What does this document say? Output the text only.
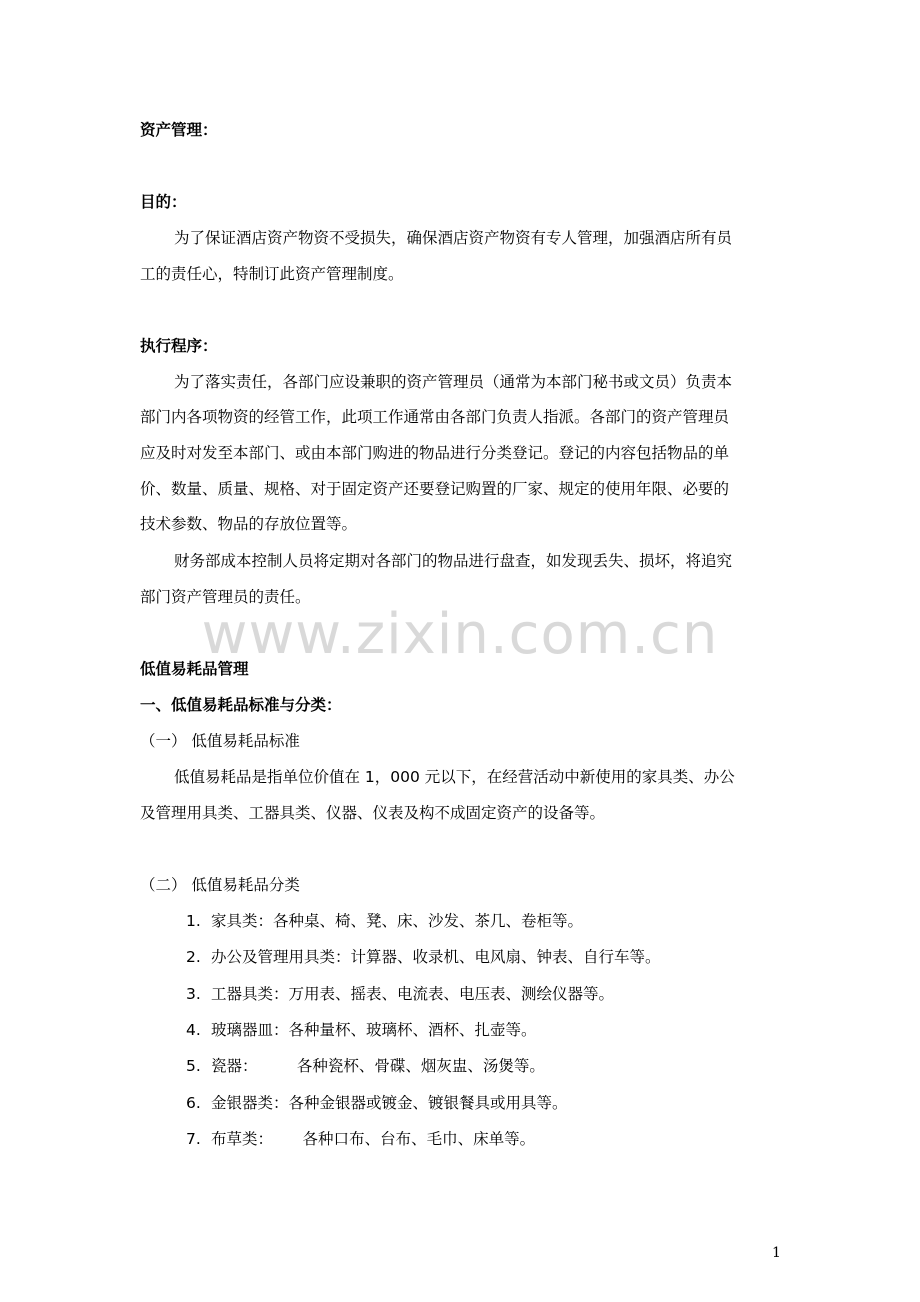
www.zixin.com.cn
资产管理：
目的：
为了保证酒店资产物资不受损失，确保酒店资产物资有专人管理，加强酒店所有员
工的责任心，特制订此资产管理制度。
执行程序：
为了落实责任，各部门应设兼职的资产管理员（通常为本部门秘书或文员）负责本
部门内各项物资的经管工作，此项工作通常由各部门负责人指派。各部门的资产管理员
应及时对发至本部门、或由本部门购进的物品进行分类登记。登记的内容包括物品的单
价、数量、质量、规格、对于固定资产还要登记购置的厂家、规定的使用年限、必要的
技术参数、物品的存放位置等。
财务部成本控制人员将定期对各部门的物品进行盘查，如发现丢失、损坏，将追究
部门资产管理员的责任。
低值易耗品管理
一、低值易耗品标准与分类：
（一） 低值易耗品标准
低值易耗品是指单位价值在 1，000 元以下，在经营活动中新使用的家具类、办公
及管理用具类、工器具类、仪器、仪表及构不成固定资产的设备等。
（二） 低值易耗品分类
1. 家具类：各种桌、椅、凳、床、沙发、茶几、卷柜等。
2. 办公及管理用具类：计算器、收录机、电风扇、钟表、自行车等。
3. 工器具类：万用表、摇表、电流表、电压表、测绘仪器等。
4. 玻璃器皿：各种量杯、玻璃杯、酒杯、扎壶等。
5. 瓷器：        各种瓷杯、骨碟、烟灰盅、汤煲等。
6. 金银器类：各种金银器或镀金、镀银餐具或用具等。
7. 布草类：      各种口布、台布、毛巾、床单等。
1
